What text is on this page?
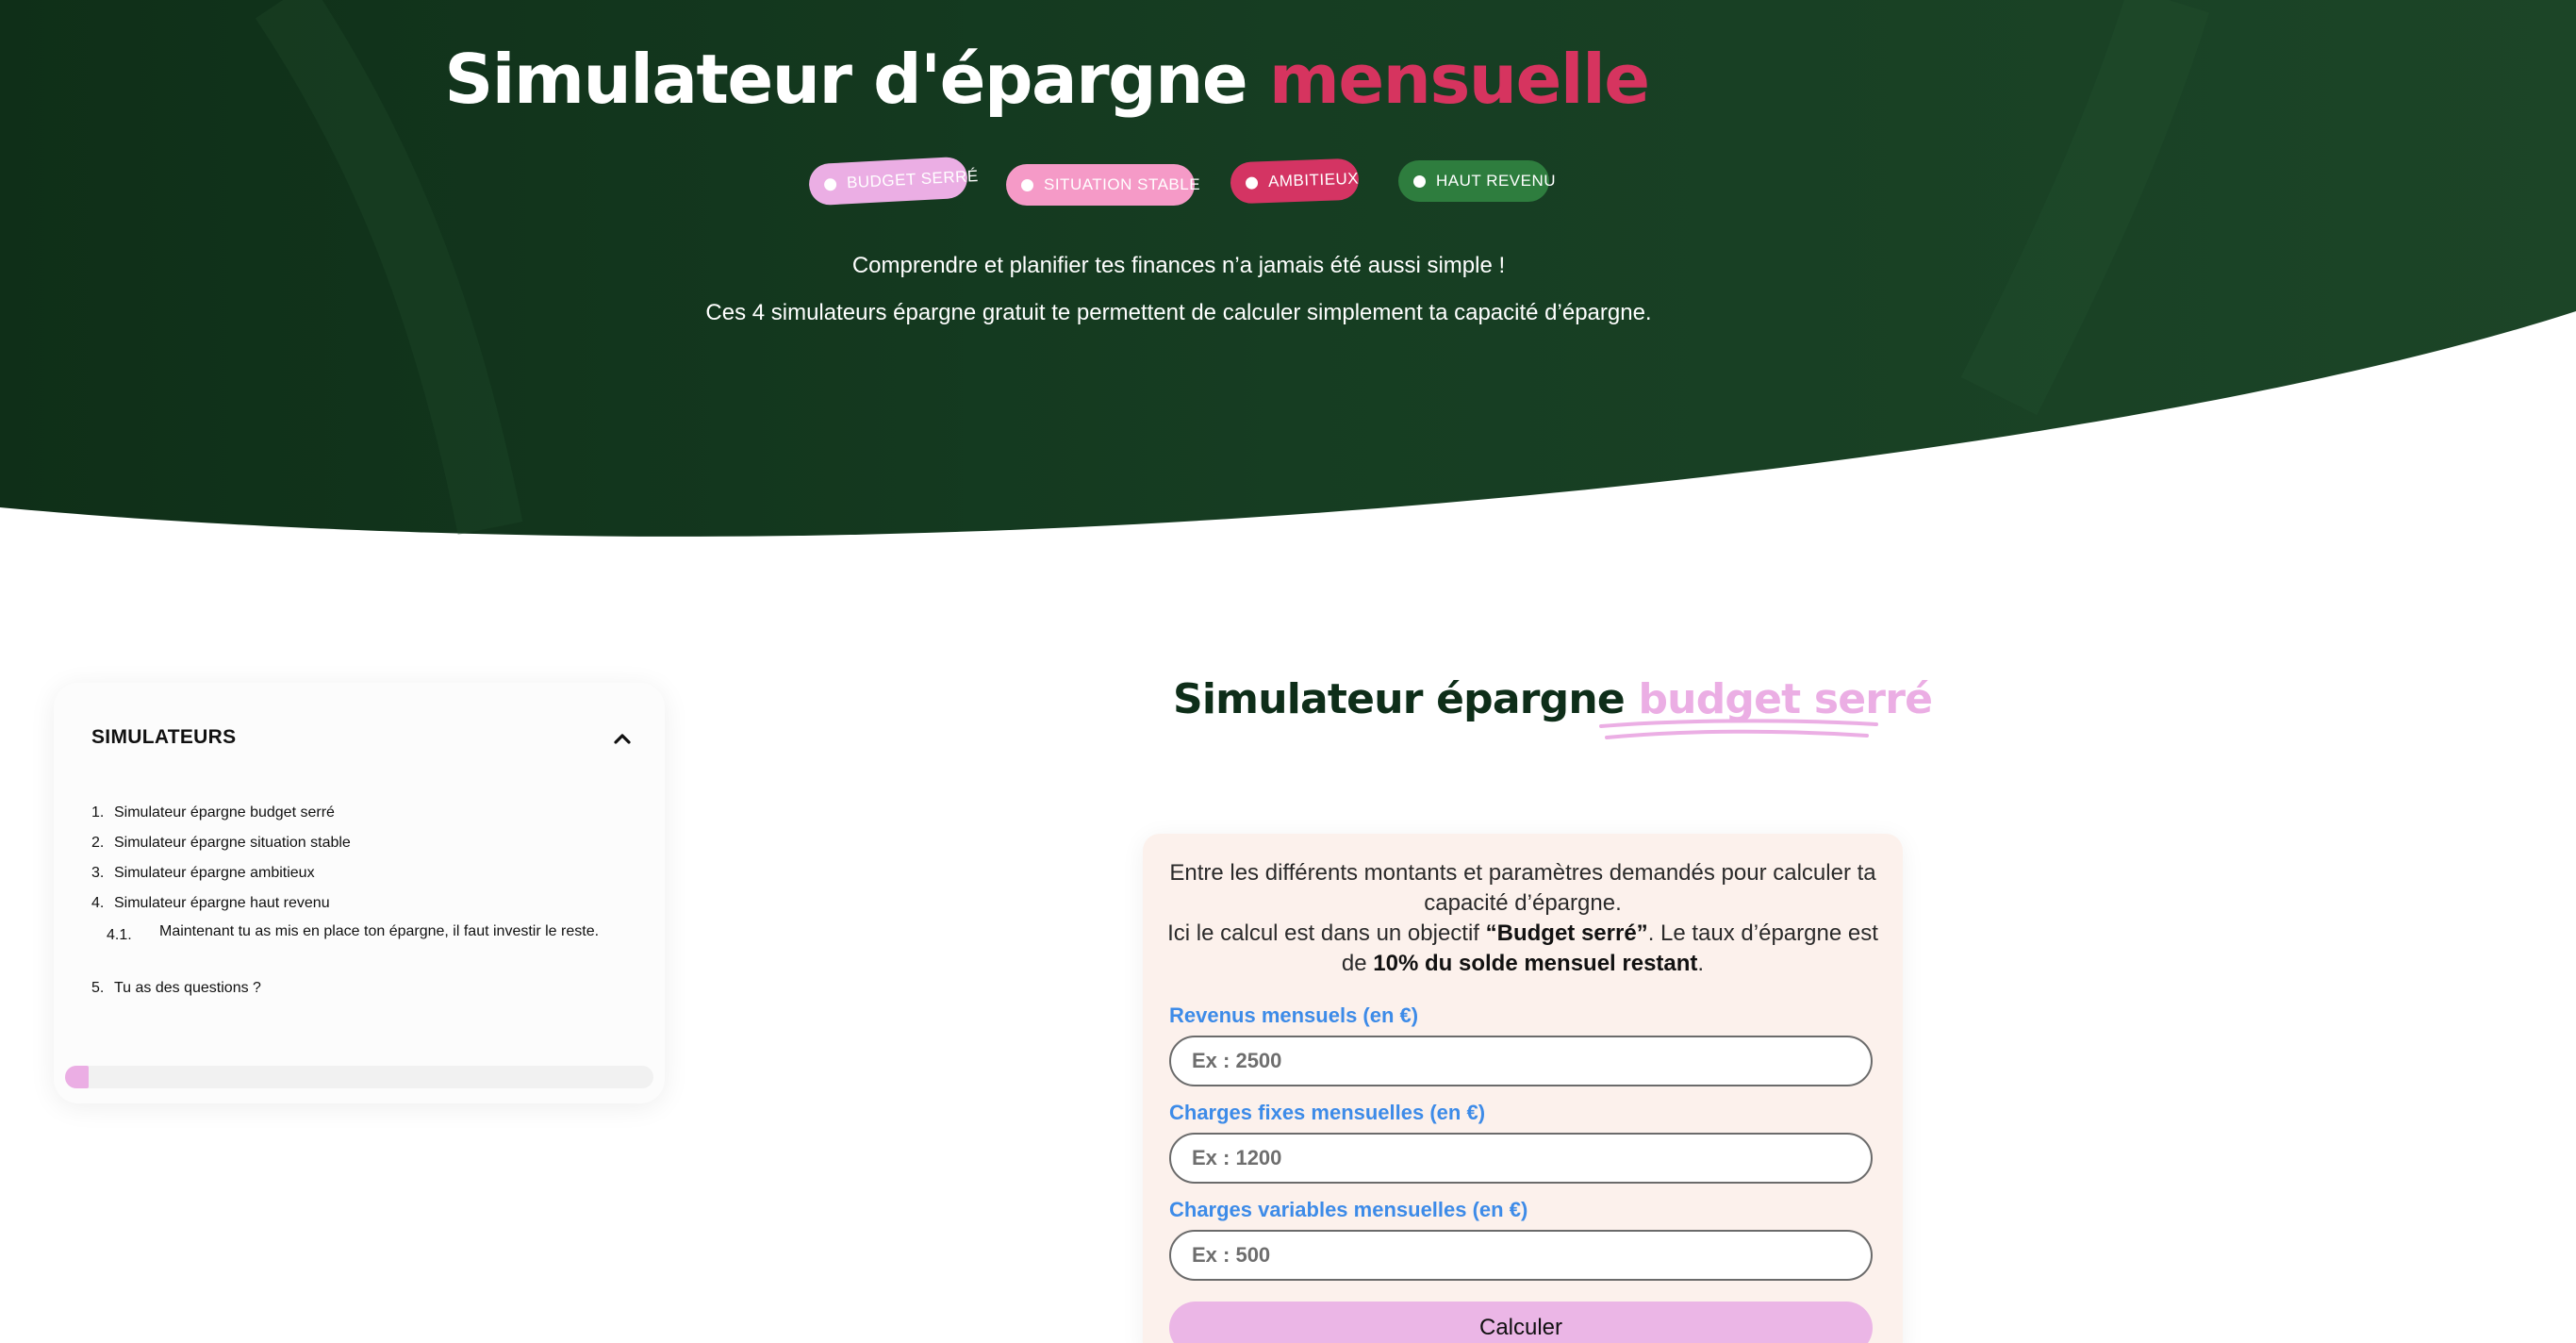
Simulateur d'épargne mensuelle
BUDGET SERRÉ	SITUATION STABLE	AMBITIEUX	HAUT REVENU

Comprendre et planifier tes finances n’a jamais été aussi simple !

Ces 4 simulateurs épargne gratuit te permettent de calculer simplement ta capacité d’épargne.

SIMULATEURS
1. Simulateur épargne budget serré
2. Simulateur épargne situation stable
3. Simulateur épargne ambitieux
4. Simulateur épargne haut revenu
4.1. Maintenant tu as mis en place ton épargne, il faut investir le reste.
5. Tu as des questions ?
Simulateur épargne budget serré

Entre les différents montants et paramètres demandés pour calculer ta capacité d’épargne.
Ici le calcul est dans un objectif “Budget serré”. Le taux d’épargne est de 10% du solde mensuel restant.

Revenus mensuels (en €)
Ex : 2500
Charges fixes mensuelles (en €)
Ex : 1200
Charges variables mensuelles (en €)
Ex : 500
Calculer
